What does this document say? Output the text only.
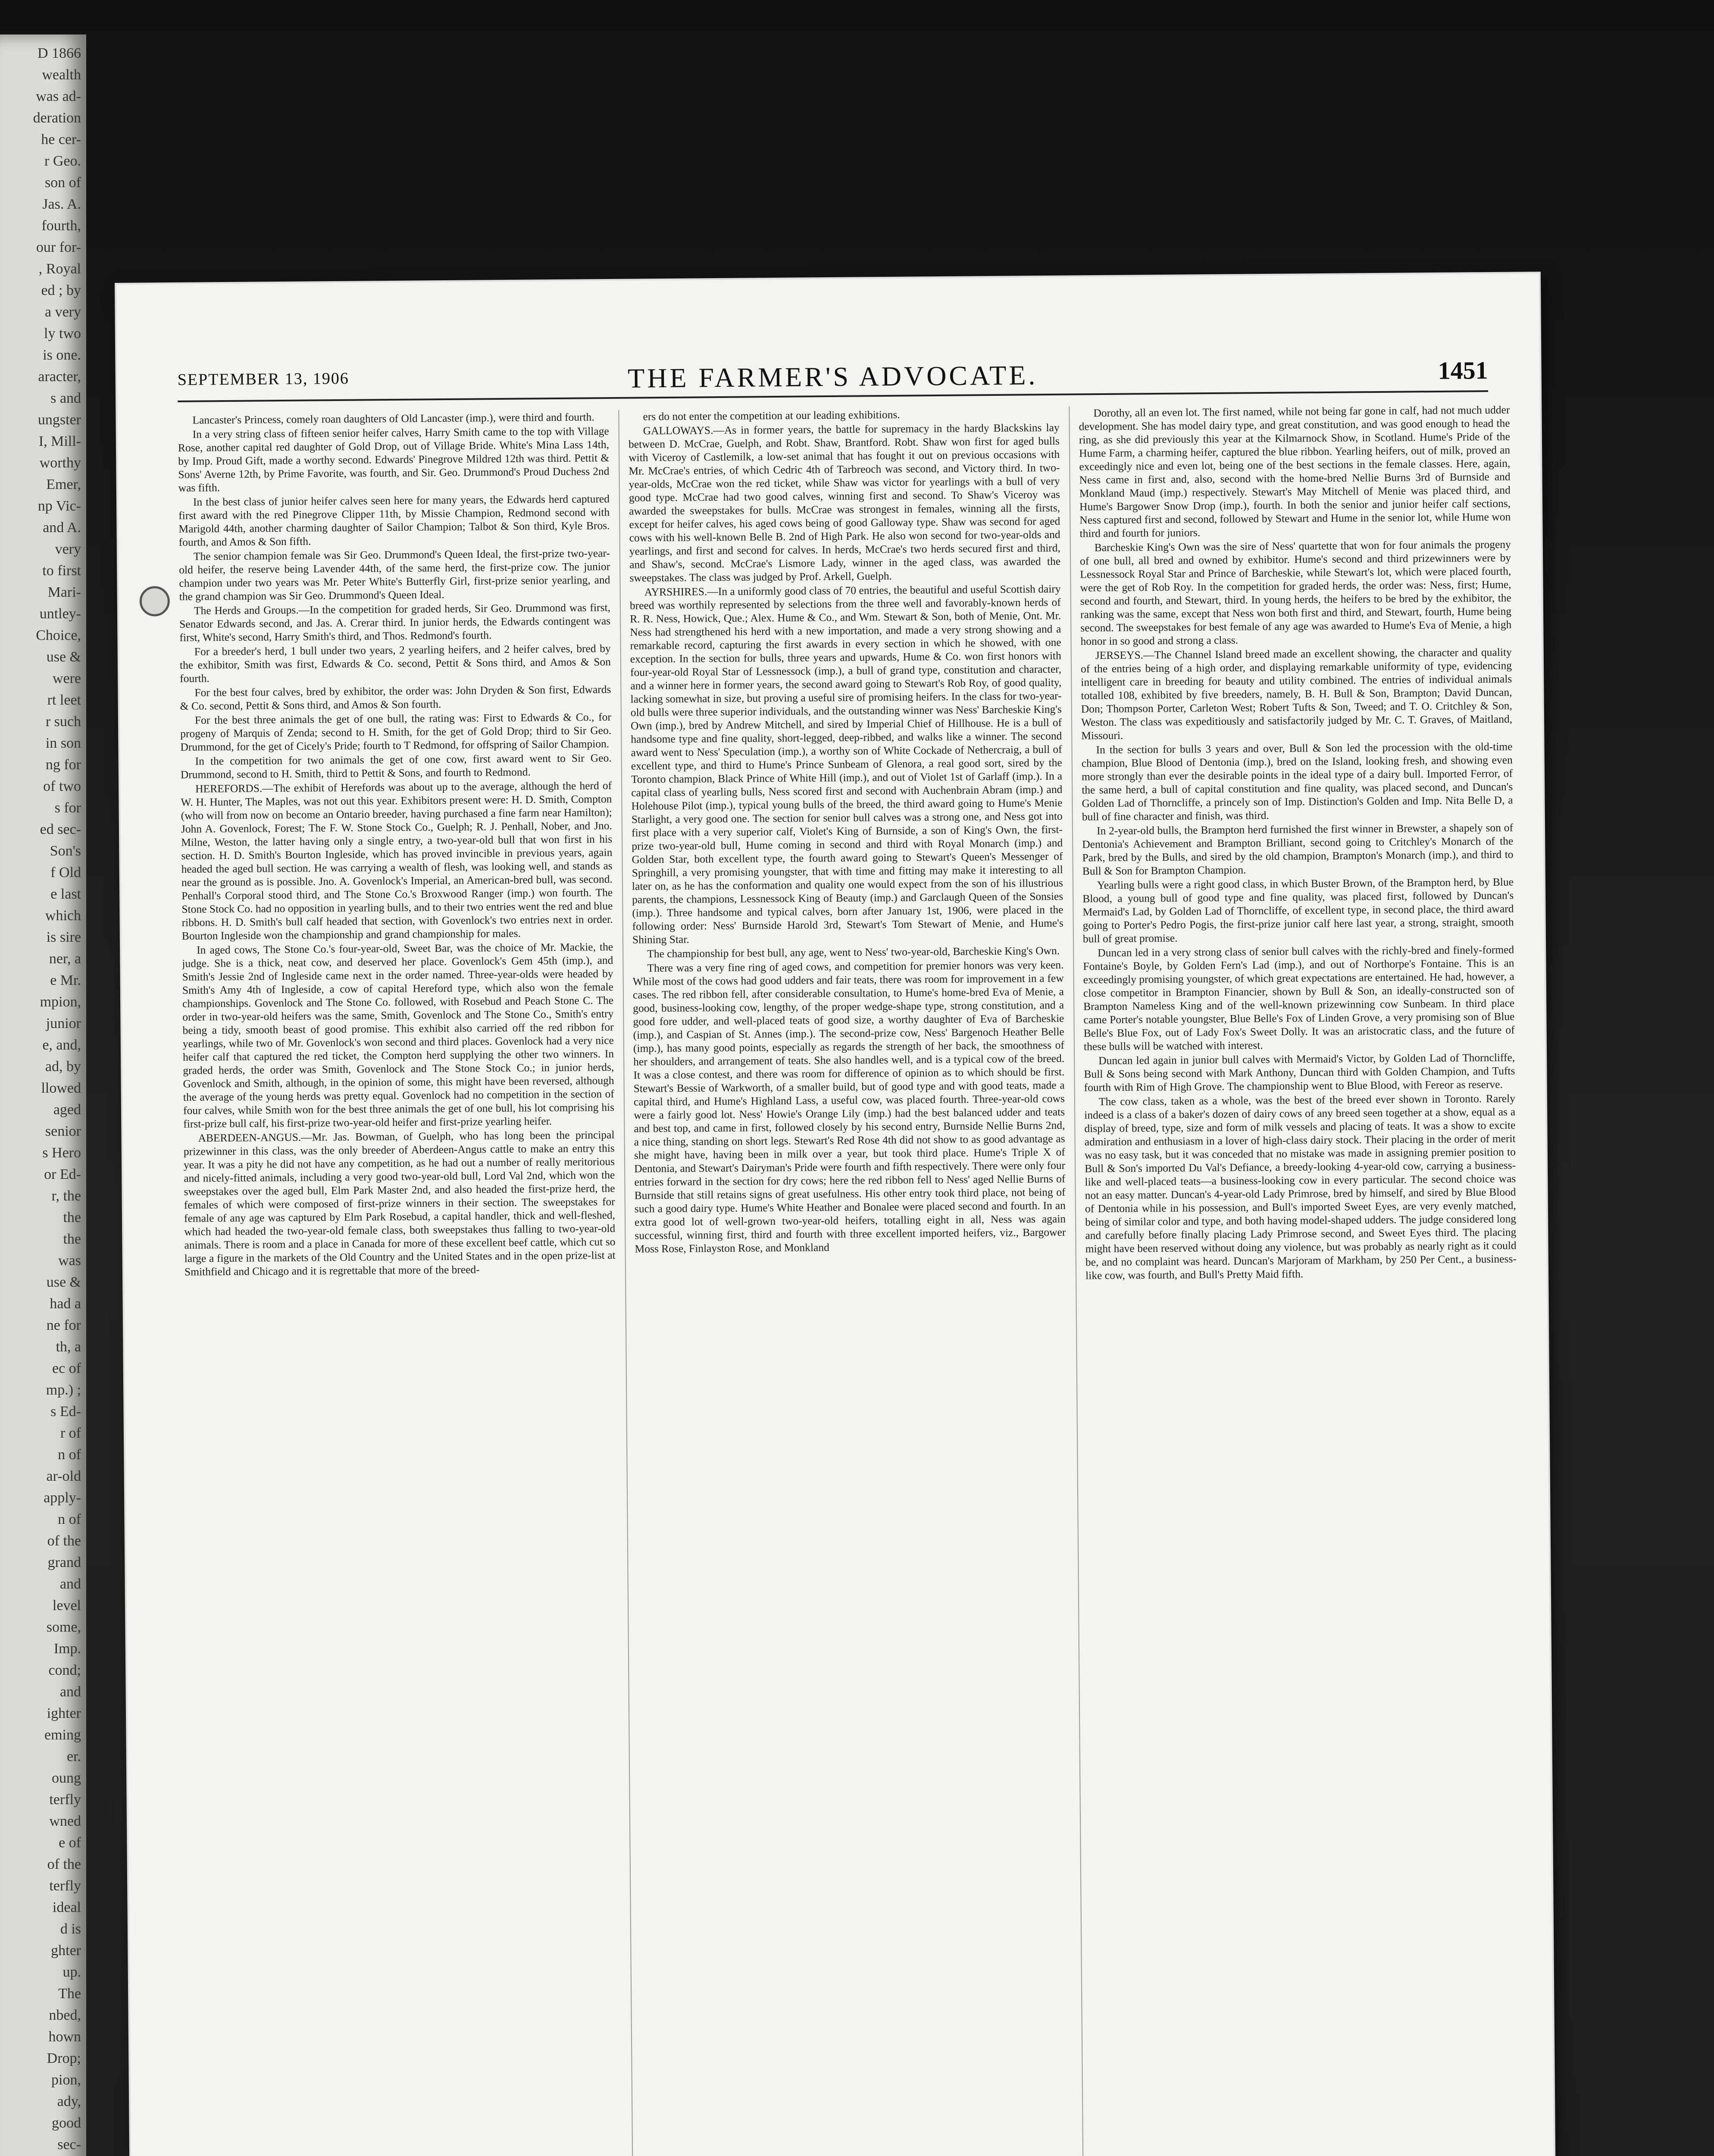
D 1866
wealth
was ad-
deration
he cer-
r Geo.
son of
Jas. A.
fourth,
our for-
, Royal
ed ; by
a very
ly two
is one.
aracter,
s and
ungster
I, Mill-
worthy
Emer,
np Vic-
and A.
very
to first
Mari-
untley-
Choice,
use &
were
rt leet
r such
in son
ng for
of two
s for
ed sec-
Son's
f Old
e last
which
is sire
ner, a
e Mr.
mpion,
junior
e, and,
ad, by
llowed
aged
senior
s Hero
or Ed-
r, the
the
the
was
use &
had a
ne for
th, a
ec of
mp.) ;
s Ed-
r of
n of
ar-old
apply-
n of
of the
grand
and
level
some,
Imp.
cond;
and
ighter
eming
er.
oung
terfly
wned
e of
of the
terfly
ideal
d is
ghter
up.
The
nbed,
hown
Drop;
pion,
ady,
good
sec-
SEPTEMBER 13, 1906	THE FARMER'S ADVOCATE.	1451

Lancaster's Princess, comely roan daughters of Old Lancaster (imp.), were third and fourth.

In a very string class of fifteen senior heifer calves, Harry Smith came to the top with Village Rose, another capital red daughter of Gold Drop, out of Village Bride. White's Mina Lass 14th, by Imp. Proud Gift, made a worthy second. Edwards' Pinegrove Mildred 12th was third. Pettit & Sons' Averne 12th, by Prime Favorite, was fourth, and Sir. Geo. Drummond's Proud Duchess 2nd was fifth.

In the best class of junior heifer calves seen here for many years, the Edwards herd captured first award with the red Pinegrove Clipper 11th, by Missie Champion, Redmond second with Marigold 44th, another charming daughter of Sailor Champion; Talbot & Son third, Kyle Bros. fourth, and Amos & Son fifth.

The senior champion female was Sir Geo. Drummond's Queen Ideal, the first-prize two-year-old heifer, the reserve being Lavender 44th, of the same herd, the first-prize cow. The junior champion under two years was Mr. Peter White's Butterfly Girl, first-prize senior yearling, and the grand champion was Sir Geo. Drummond's Queen Ideal.

The Herds and Groups.—In the competition for graded herds, Sir Geo. Drummond was first, Senator Edwards second, and Jas. A. Crerar third. In junior herds, the Edwards contingent was first, White's second, Harry Smith's third, and Thos. Redmond's fourth.

For a breeder's herd, 1 bull under two years, 2 yearling heifers, and 2 heifer calves, bred by the exhibitor, Smith was first, Edwards & Co. second, Pettit & Sons third, and Amos & Son fourth.

For the best four calves, bred by exhibitor, the order was: John Dryden & Son first, Edwards & Co. second, Pettit & Sons third, and Amos & Son fourth.

For the best three animals the get of one bull, the rating was: First to Edwards & Co., for progeny of Marquis of Zenda; second to H. Smith, for the get of Gold Drop; third to Sir Geo. Drummond, for the get of Cicely's Pride; fourth to T Redmond, for offspring of Sailor Champion.

In the competition for two animals the get of one cow, first award went to Sir Geo. Drummond, second to H. Smith, third to Pettit & Sons, and fourth to Redmond.

HEREFORDS.—The exhibit of Herefords was about up to the average, although the herd of W. H. Hunter, The Maples, was not out this year. Exhibitors present were: H. D. Smith, Compton (who will from now on become an Ontario breeder, having purchased a fine farm near Hamilton); John A. Govenlock, Forest; The F. W. Stone Stock Co., Guelph; R. J. Penhall, Nober, and Jno. Milne, Weston, the latter having only a single entry, a two-year-old bull that won first in his section. H. D. Smith's Bourton Ingleside, which has proved invincible in previous years, again headed the aged bull section. He was carrying a wealth of flesh, was looking well, and stands as near the ground as is possible. Jno. A. Govenlock's Imperial, an American-bred bull, was second. Penhall's Corporal stood third, and The Stone Co.'s Broxwood Ranger (imp.) won fourth. The Stone Stock Co. had no opposition in yearling bulls, and to their two entries went the red and blue ribbons. H. D. Smith's bull calf headed that section, with Govenlock's two entries next in order. Bourton Ingleside won the championship and grand championship for males.

In aged cows, The Stone Co.'s four-year-old, Sweet Bar, was the choice of Mr. Mackie, the judge. She is a thick, neat cow, and deserved her place. Govenlock's Gem 45th (imp.), and Smith's Jessie 2nd of Ingleside came next in the order named. Three-year-olds were headed by Smith's Amy 4th of Ingleside, a cow of capital Hereford type, which also won the female championships. Govenlock and The Stone Co. followed, with Rosebud and Peach Stone C. The order in two-year-old heifers was the same, Smith, Govenlock and The Stone Co., Smith's entry being a tidy, smooth beast of good promise. This exhibit also carried off the red ribbon for yearlings, while two of Mr. Govenlock's won second and third places. Govenlock had a very nice heifer calf that captured the red ticket, the Compton herd supplying the other two winners. In graded herds, the order was Smith, Govenlock and The Stone Stock Co.; in junior herds, Govenlock and Smith, although, in the opinion of some, this might have been reversed, although the average of the young herds was pretty equal. Govenlock had no competition in the section of four calves, while Smith won for the best three animals the get of one bull, his lot comprising his first-prize bull calf, his first-prize two-year-old heifer and first-prize yearling heifer.

ABERDEEN-ANGUS.—Mr. Jas. Bowman, of Guelph, who has long been the principal prizewinner in this class, was the only breeder of Aberdeen-Angus cattle to make an entry this year. It was a pity he did not have any competition, as he had out a number of really meritorious and nicely-fitted animals, including a very good two-year-old bull, Lord Val 2nd, which won the sweepstakes over the aged bull, Elm Park Master 2nd, and also headed the first-prize herd, the females of which were composed of first-prize winners in their section. The sweepstakes for female of any age was captured by Elm Park Rosebud, a capital handler, thick and well-fleshed, which had headed the two-year-old female class, both sweepstakes thus falling to two-year-old animals. There is room and a place in Canada for more of these excellent beef cattle, which cut so large a figure in the markets of the Old Country and the United States and in the open prize-list at Smithfield and Chicago and it is regrettable that more of the breed-

ers do not enter the competition at our leading exhibitions.

GALLOWAYS.—As in former years, the battle for supremacy in the hardy Blackskins lay between D. McCrae, Guelph, and Robt. Shaw, Brantford. Robt. Shaw won first for aged bulls with Viceroy of Castlemilk, a low-set animal that has fought it out on previous occasions with Mr. McCrae's entries, of which Cedric 4th of Tarbreoch was second, and Victory third. In two-year-olds, McCrae won the red ticket, while Shaw was victor for yearlings with a bull of very good type. McCrae had two good calves, winning first and second. To Shaw's Viceroy was awarded the sweepstakes for bulls. McCrae was strongest in females, winning all the firsts, except for heifer calves, his aged cows being of good Galloway type. Shaw was second for aged cows with his well-known Belle B. 2nd of High Park. He also won second for two-year-olds and yearlings, and first and second for calves. In herds, McCrae's two herds secured first and third, and Shaw's, second. McCrae's Lismore Lady, winner in the aged class, was awarded the sweepstakes. The class was judged by Prof. Arkell, Guelph.

AYRSHIRES.—In a uniformly good class of 70 entries, the beautiful and useful Scottish dairy breed was worthily represented by selections from the three well and favorably-known herds of R. R. Ness, Howick, Que.; Alex. Hume & Co., and Wm. Stewart & Son, both of Menie, Ont. Mr. Ness had strengthened his herd with a new importation, and made a very strong showing and a remarkable record, capturing the first awards in every section in which he showed, with one exception. In the section for bulls, three years and upwards, Hume & Co. won first honors with four-year-old Royal Star of Lessnessock (imp.), a bull of grand type, constitution and character, and a winner here in former years, the second award going to Stewart's Rob Roy, of good quality, lacking somewhat in size, but proving a useful sire of promising heifers. In the class for two-year-old bulls were three superior individuals, and the outstanding winner was Ness' Barcheskie King's Own (imp.), bred by Andrew Mitchell, and sired by Imperial Chief of Hillhouse. He is a bull of handsome type and fine quality, short-legged, deep-ribbed, and walks like a winner. The second award went to Ness' Speculation (imp.), a worthy son of White Cockade of Nethercraig, a bull of excellent type, and third to Hume's Prince Sunbeam of Glenora, a real good sort, sired by the Toronto champion, Black Prince of White Hill (imp.), and out of Violet 1st of Garlaff (imp.). In a capital class of yearling bulls, Ness scored first and second with Auchenbrain Abram (imp.) and Holehouse Pilot (imp.), typical young bulls of the breed, the third award going to Hume's Menie Starlight, a very good one. The section for senior bull calves was a strong one, and Ness got into first place with a very superior calf, Violet's King of Burnside, a son of King's Own, the first-prize two-year-old bull, Hume coming in second and third with Royal Monarch (imp.) and Golden Star, both excellent type, the fourth award going to Stewart's Queen's Messenger of Springhill, a very promising youngster, that with time and fitting may make it interesting to all later on, as he has the conformation and quality one would expect from the son of his illustrious parents, the champions, Lessnessock King of Beauty (imp.) and Garclaugh Queen of the Sonsies (imp.). Three handsome and typical calves, born after January 1st, 1906, were placed in the following order: Ness' Burnside Harold 3rd, Stewart's Tom Stewart of Menie, and Hume's Shining Star.

The championship for best bull, any age, went to Ness' two-year-old, Barcheskie King's Own.

There was a very fine ring of aged cows, and competition for premier honors was very keen. While most of the cows had good udders and fair teats, there was room for improvement in a few cases. The red ribbon fell, after considerable consultation, to Hume's home-bred Eva of Menie, a good, business-looking cow, lengthy, of the proper wedge-shape type, strong constitution, and a good fore udder, and well-placed teats of good size, a worthy daughter of Eva of Barcheskie (imp.), and Caspian of St. Annes (imp.). The second-prize cow, Ness' Bargenoch Heather Belle (imp.), has many good points, especially as regards the strength of her back, the smoothness of her shoulders, and arrangement of teats. She also handles well, and is a typical cow of the breed. It was a close contest, and there was room for difference of opinion as to which should be first. Stewart's Bessie of Warkworth, of a smaller build, but of good type and with good teats, made a capital third, and Hume's Highland Lass, a useful cow, was placed fourth. Three-year-old cows were a fairly good lot. Ness' Howie's Orange Lily (imp.) had the best balanced udder and teats and best top, and came in first, followed closely by his second entry, Burnside Nellie Burns 2nd, a nice thing, standing on short legs. Stewart's Red Rose 4th did not show to as good advantage as she might have, having been in milk over a year, but took third place. Hume's Triple X of Dentonia, and Stewart's Dairyman's Pride were fourth and fifth respectively. There were only four entries forward in the section for dry cows; here the red ribbon fell to Ness' aged Nellie Burns of Burnside that still retains signs of great usefulness. His other entry took third place, not being of such a good dairy type. Hume's White Heather and Bonalee were placed second and fourth. In an extra good lot of well-grown two-year-old heifers, totalling eight in all, Ness was again successful, winning first, third and fourth with three excellent imported heifers, viz., Bargower Moss Rose, Finlayston Rose, and Monkland

Dorothy, all an even lot. The first named, while not being far gone in calf, had not much udder development. She has model dairy type, and great constitution, and was good enough to head the ring, as she did previously this year at the Kilmarnock Show, in Scotland. Hume's Pride of the Hume Farm, a charming heifer, captured the blue ribbon. Yearling heifers, out of milk, proved an exceedingly nice and even lot, being one of the best sections in the female classes. Here, again, Ness came in first and, also, second with the home-bred Nellie Burns 3rd of Burnside and Monkland Maud (imp.) respectively. Stewart's May Mitchell of Menie was placed third, and Hume's Bargower Snow Drop (imp.), fourth. In both the senior and junior heifer calf sections, Ness captured first and second, followed by Stewart and Hume in the senior lot, while Hume won third and fourth for juniors.

Barcheskie King's Own was the sire of Ness' quartette that won for four animals the progeny of one bull, all bred and owned by exhibitor. Hume's second and third prizewinners were by Lessnessock Royal Star and Prince of Barcheskie, while Stewart's lot, which were placed fourth, were the get of Rob Roy. In the competition for graded herds, the order was: Ness, first; Hume, second and fourth, and Stewart, third. In young herds, the heifers to be bred by the exhibitor, the ranking was the same, except that Ness won both first and third, and Stewart, fourth, Hume being second. The sweepstakes for best female of any age was awarded to Hume's Eva of Menie, a high honor in so good and strong a class.

JERSEYS.—The Channel Island breed made an excellent showing, the character and quality of the entries being of a high order, and displaying remarkable uniformity of type, evidencing intelligent care in breeding for beauty and utility combined. The entries of individual animals totalled 108, exhibited by five breeders, namely, B. H. Bull & Son, Brampton; David Duncan, Don; Thompson Porter, Carleton West; Robert Tufts & Son, Tweed; and T. O. Critchley & Son, Weston. The class was expeditiously and satisfactorily judged by Mr. C. T. Graves, of Maitland, Missouri.

In the section for bulls 3 years and over, Bull & Son led the procession with the old-time champion, Blue Blood of Dentonia (imp.), bred on the Island, looking fresh, and showing even more strongly than ever the desirable points in the ideal type of a dairy bull. Imported Ferror, of the same herd, a bull of capital constitution and fine quality, was placed second, and Duncan's Golden Lad of Thorncliffe, a princely son of Imp. Distinction's Golden and Imp. Nita Belle D, a bull of fine character and finish, was third.

In 2-year-old bulls, the Brampton herd furnished the first winner in Brewster, a shapely son of Dentonia's Achievement and Brampton Brilliant, second going to Critchley's Monarch of the Park, bred by the Bulls, and sired by the old champion, Brampton's Monarch (imp.), and third to Bull & Son for Brampton Champion.

Yearling bulls were a right good class, in which Buster Brown, of the Brampton herd, by Blue Blood, a young bull of good type and fine quality, was placed first, followed by Duncan's Mermaid's Lad, by Golden Lad of Thorncliffe, of excellent type, in second place, the third award going to Porter's Pedro Pogis, the first-prize junior calf here last year, a strong, straight, smooth bull of great promise.

Duncan led in a very strong class of senior bull calves with the richly-bred and finely-formed Fontaine's Boyle, by Golden Fern's Lad (imp.), and out of Northorpe's Fontaine. This is an exceedingly promising youngster, of which great expectations are entertained. He had, however, a close competitor in Brampton Financier, shown by Bull & Son, an ideally-constructed son of Brampton Nameless King and of the well-known prizewinning cow Sunbeam. In third place came Porter's notable youngster, Blue Belle's Fox of Linden Grove, a very promising son of Blue Belle's Blue Fox, out of Lady Fox's Sweet Dolly. It was an aristocratic class, and the future of these bulls will be watched with interest.

Duncan led again in junior bull calves with Mermaid's Victor, by Golden Lad of Thorncliffe, Bull & Sons being second with Mark Anthony, Duncan third with Golden Champion, and Tufts fourth with Rim of High Grove. The championship went to Blue Blood, with Fereor as reserve.

The cow class, taken as a whole, was the best of the breed ever shown in Toronto. Rarely indeed is a class of a baker's dozen of dairy cows of any breed seen together at a show, equal as a display of breed, type, size and form of milk vessels and placing of teats. It was a show to excite admiration and enthusiasm in a lover of high-class dairy stock. Their placing in the order of merit was no easy task, but it was conceded that no mistake was made in assigning premier position to Bull & Son's imported Du Val's Defiance, a breedy-looking 4-year-old cow, carrying a business-like and well-placed teats—a business-looking cow in every particular. The second choice was not an easy matter. Duncan's 4-year-old Lady Primrose, bred by himself, and sired by Blue Blood of Dentonia while in his possession, and Bull's imported Sweet Eyes, are very evenly matched, being of similar color and type, and both having model-shaped udders. The judge considered long and carefully before finally placing Lady Primrose second, and Sweet Eyes third. The placing might have been reserved without doing any violence, but was probably as nearly right as it could be, and no complaint was heard. Duncan's Marjoram of Markham, by 250 Per Cent., a business-like cow, was fourth, and Bull's Pretty Maid fifth.
